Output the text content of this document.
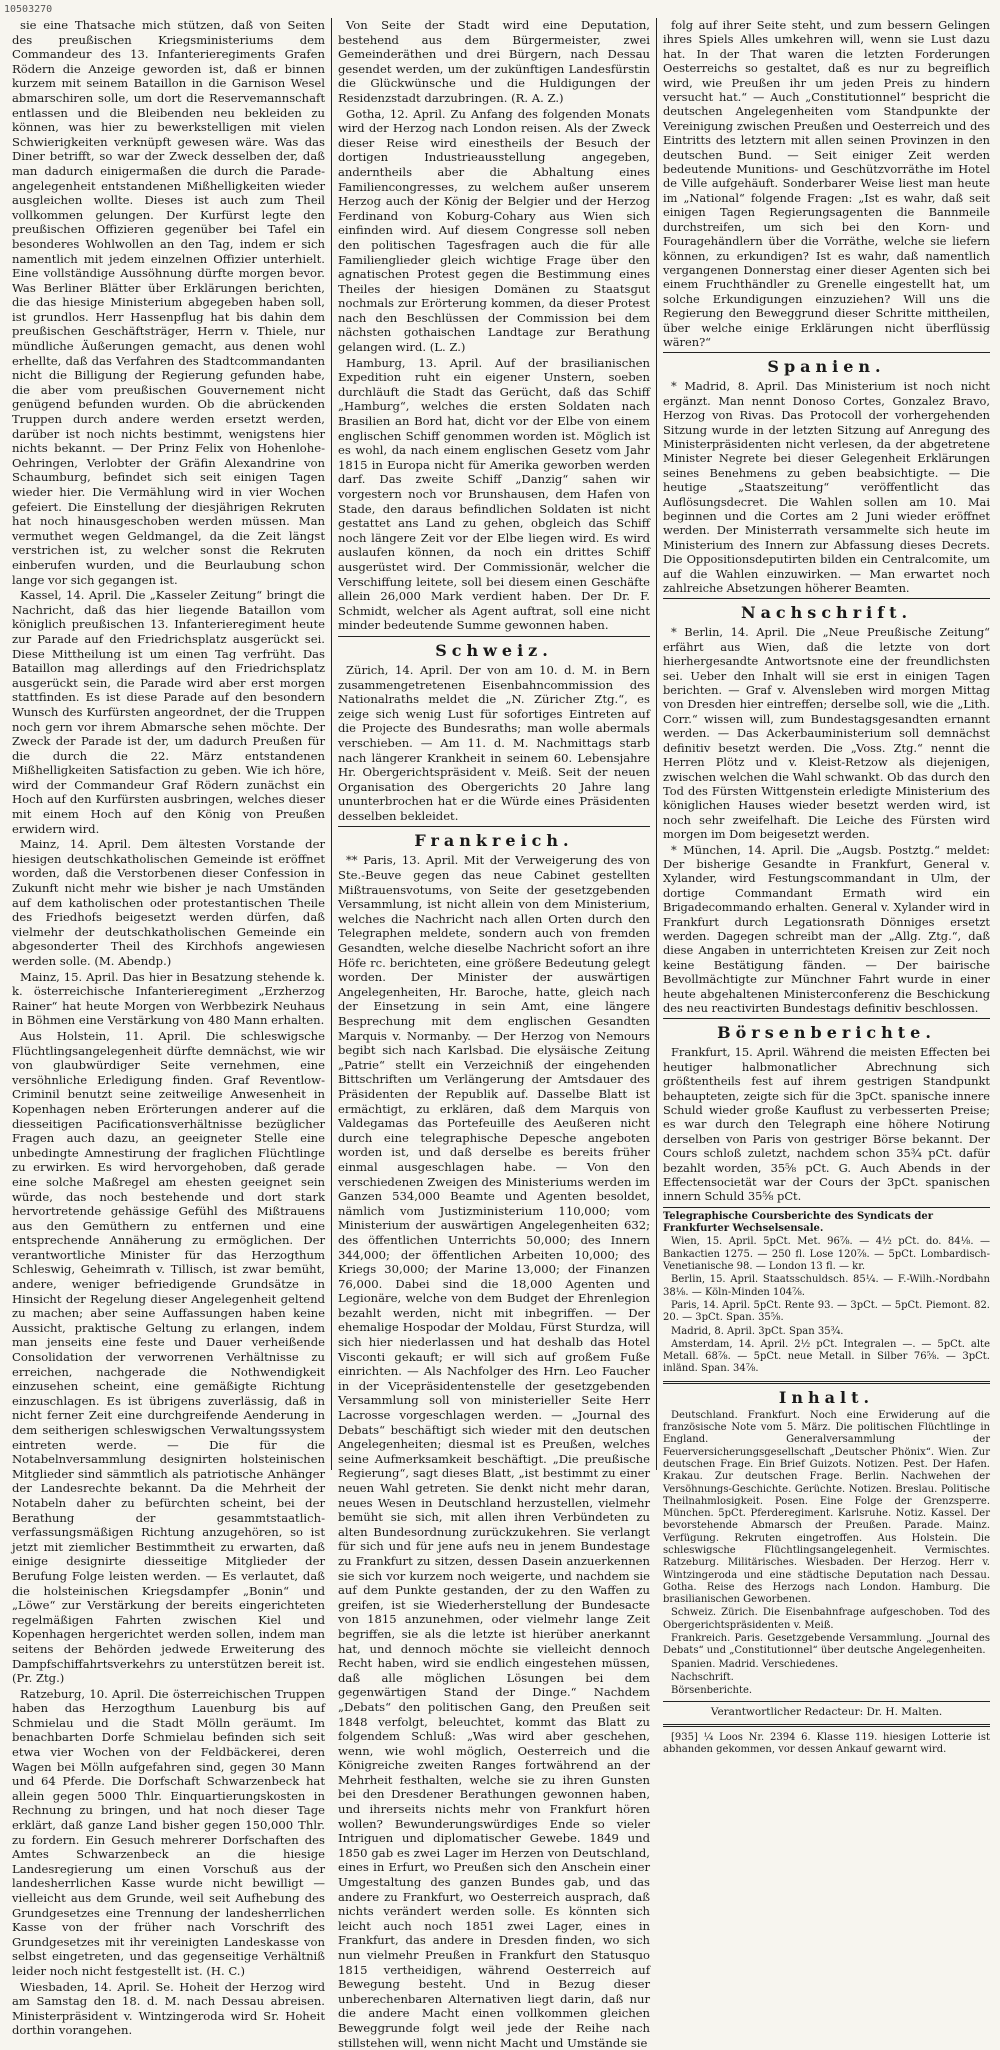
10503270

sie eine Thatsache mich stützen, daß von Seiten des preußischen Kriegsministeriums dem Commandeur des 13. Infanterieregiments Grafen Rödern die Anzeige geworden ist, daß er binnen kurzem mit seinem Bataillon in die Garnison Wesel abmarschiren solle, um dort die Reservemannschaft entlassen und die Bleibenden neu bekleiden zu können, was hier zu bewerkstelligen mit vielen Schwierigkeiten verknüpft gewesen wäre. Was das Diner betrifft, so war der Zweck desselben der, daß man dadurch einigermaßen die durch die Parade-angelegenheit entstandenen Mißhelligkeiten wieder ausgleichen wollte. Dieses ist auch zum Theil vollkommen gelungen. Der Kurfürst legte den preußischen Offizieren gegenüber bei Tafel ein besonderes Wohlwollen an den Tag, indem er sich namentlich mit jedem einzelnen Offizier unterhielt. Eine vollständige Aussöhnung dürfte morgen bevor. Was Berliner Blätter über Erklärungen berichten, die das hiesige Ministerium abgegeben haben soll, ist grundlos. Herr Hassenpflug hat bis dahin dem preußischen Geschäftsträger, Herrn v. Thiele, nur mündliche Äußerungen gemacht, aus denen wohl erhellte, daß das Verfahren des Stadtcommandanten nicht die Billigung der Regierung gefunden habe, die aber vom preußischen Gouvernement nicht genügend befunden wurden. Ob die abrückenden Truppen durch andere werden ersetzt werden, darüber ist noch nichts bestimmt, wenigstens hier nichts bekannt. — Der Prinz Felix von Hohenlohe-Oehringen, Verlobter der Gräfin Alexandrine von Schaumburg, befindet sich seit einigen Tagen wieder hier. Die Vermählung wird in vier Wochen gefeiert. Die Einstellung der diesjährigen Rekruten hat noch hinausgeschoben werden müssen. Man vermuthet wegen Geldmangel, da die Zeit längst verstrichen ist, zu welcher sonst die Rekruten einberufen wurden, und die Beurlaubung schon lange vor sich gegangen ist.

Kassel, 14. April. Die „Kasseler Zeitung“ bringt die Nachricht, daß das hier liegende Bataillon vom königlich preußischen 13. Infanterieregiment heute zur Parade auf den Friedrichsplatz ausgerückt sei. Diese Mittheilung ist um einen Tag verfrüht. Das Bataillon mag allerdings auf den Friedrichsplatz ausgerückt sein, die Parade wird aber erst morgen stattfinden. Es ist diese Parade auf den besondern Wunsch des Kurfürsten angeordnet, der die Truppen noch gern vor ihrem Abmarsche sehen möchte. Der Zweck der Parade ist der, um dadurch Preußen für die durch die 22. März entstandenen Mißhelligkeiten Satisfaction zu geben. Wie ich höre, wird der Commandeur Graf Rödern zunächst ein Hoch auf den Kurfürsten ausbringen, welches dieser mit einem Hoch auf den König von Preußen erwidern wird.

Mainz, 14. April. Dem ältesten Vorstande der hiesigen deutschkatholischen Gemeinde ist eröffnet worden, daß die Verstorbenen dieser Confession in Zukunft nicht mehr wie bisher je nach Umständen auf dem katholischen oder protestantischen Theile des Friedhofs beigesetzt werden dürfen, daß vielmehr der deutschkatholischen Gemeinde ein abgesonderter Theil des Kirchhofs angewiesen werden solle. (M. Abendp.)

Mainz, 15. April. Das hier in Besatzung stehende k. k. österreichische Infanterieregiment „Erzherzog Rainer“ hat heute Morgen von Werbbezirk Neuhaus in Böhmen eine Verstärkung von 480 Mann erhalten.

Aus Holstein, 11. April. Die schleswigsche Flüchtlingsangelegenheit dürfte demnächst, wie wir von glaubwürdiger Seite vernehmen, eine versöhnliche Erledigung finden. Graf Reventlow-Criminil benutzt seine zeitweilige Anwesenheit in Kopenhagen neben Erörterungen anderer auf die diesseitigen Pacificationsverhältnisse bezüglicher Fragen auch dazu, an geeigneter Stelle eine unbedingte Amnestirung der fraglichen Flüchtlinge zu erwirken. Es wird hervorgehoben, daß gerade eine solche Maßregel am ehesten geeignet sein würde, das noch bestehende und dort stark hervortretende gehässige Gefühl des Mißtrauens aus den Gemüthern zu entfernen und eine entsprechende Annäherung zu ermöglichen. Der verantwortliche Minister für das Herzogthum Schleswig, Geheimrath v. Tillisch, ist zwar bemüht, andere, weniger befriedigende Grundsätze in Hinsicht der Regelung dieser Angelegenheit geltend zu machen; aber seine Auffassungen haben keine Aussicht, praktische Geltung zu erlangen, indem man jenseits eine feste und Dauer verheißende Consolidation der verworrenen Verhältnisse zu erreichen, nachgerade die Nothwendigkeit einzusehen scheint, eine gemäßigte Richtung einzuschlagen. Es ist übrigens zuverlässig, daß in nicht ferner Zeit eine durchgreifende Aenderung in dem seitherigen schleswigschen Verwaltungssystem eintreten werde. — Die für die Notabelnversammlung designirten holsteinischen Mitglieder sind sämmtlich als patriotische Anhänger der Landesrechte bekannt. Da die Mehrheit der Notabeln daher zu befürchten scheint, bei der Berathung der gesammtstaatlich-verfassungsmäßigen Richtung anzugehören, so ist jetzt mit ziemlicher Bestimmtheit zu erwarten, daß einige designirte diesseitige Mitglieder der Berufung Folge leisten werden. — Es verlautet, daß die holsteinischen Kriegsdampfer „Bonin“ und „Löwe“ zur Verstärkung der bereits eingerichteten regelmäßigen Fahrten zwischen Kiel und Kopenhagen hergerichtet werden sollen, indem man seitens der Behörden jedwede Erweiterung des Dampfschiffahrtsverkehrs zu unterstützen bereit ist. (Pr. Ztg.)

Ratzeburg, 10. April. Die österreichischen Truppen haben das Herzogthum Lauenburg bis auf Schmielau und die Stadt Mölln geräumt. Im benachbarten Dorfe Schmielau befinden sich seit etwa vier Wochen von der Feldbäckerei, deren Wagen bei Mölln aufgefahren sind, gegen 30 Mann und 64 Pferde. Die Dorfschaft Schwarzenbeck hat allein gegen 5000 Thlr. Einquartierungskosten in Rechnung zu bringen, und hat noch dieser Tage erklärt, daß ganze Land bisher gegen 150,000 Thlr. zu fordern. Ein Gesuch mehrerer Dorfschaften des Amtes Schwarzenbeck an die hiesige Landesregierung um einen Vorschuß aus der landesherrlichen Kasse wurde nicht bewilligt — vielleicht aus dem Grunde, weil seit Aufhebung des Grundgesetzes eine Trennung der landesherrlichen Kasse von der früher nach Vorschrift des Grundgesetzes mit ihr vereinigten Landeskasse von selbst eingetreten, und das gegenseitige Verhältniß leider noch nicht festgestellt ist. (H. C.)

Wiesbaden, 14. April. Se. Hoheit der Herzog wird am Samstag den 18. d. M. nach Dessau abreisen. Ministerpräsident v. Wintzingeroda wird Sr. Hoheit dorthin vorangehen.

Von Seite der Stadt wird eine Deputation, bestehend aus dem Bürgermeister, zwei Gemeinderäthen und drei Bürgern, nach Dessau gesendet werden, um der zukünftigen Landesfürstin die Glückwünsche und die Huldigungen der Residenzstadt darzubringen. (R. A. Z.)

Gotha, 12. April. Zu Anfang des folgenden Monats wird der Herzog nach London reisen. Als der Zweck dieser Reise wird einestheils der Besuch der dortigen Industrieausstellung angegeben, anderntheils aber die Abhaltung eines Familiencongresses, zu welchem außer unserem Herzog auch der König der Belgier und der Herzog Ferdinand von Koburg-Cohary aus Wien sich einfinden wird. Auf diesem Congresse soll neben den politischen Tagesfragen auch die für alle Familienglieder gleich wichtige Frage über den agnatischen Protest gegen die Bestimmung eines Theiles der hiesigen Domänen zu Staatsgut nochmals zur Erörterung kommen, da dieser Protest nach den Beschlüssen der Commission bei dem nächsten gothaischen Landtage zur Berathung gelangen wird. (L. Z.)

Hamburg, 13. April. Auf der brasilianischen Expedition ruht ein eigener Unstern, soeben durchläuft die Stadt das Gerücht, daß das Schiff „Hamburg“, welches die ersten Soldaten nach Brasilien an Bord hat, dicht vor der Elbe von einem englischen Schiff genommen worden ist. Möglich ist es wohl, da nach einem englischen Gesetz vom Jahr 1815 in Europa nicht für Amerika geworben werden darf. Das zweite Schiff „Danzig“ sahen wir vorgestern noch vor Brunshausen, dem Hafen von Stade, den daraus befindlichen Soldaten ist nicht gestattet ans Land zu gehen, obgleich das Schiff noch längere Zeit vor der Elbe liegen wird. Es wird auslaufen können, da noch ein drittes Schiff ausgerüstet wird. Der Commissionär, welcher die Verschiffung leitete, soll bei diesem einen Geschäfte allein 26,000 Mark verdient haben. Der Dr. F. Schmidt, welcher als Agent auftrat, soll eine nicht minder bedeutende Summe gewonnen haben.

Schweiz.

Zürich, 14. April. Der von am 10. d. M. in Bern zusammengetretenen Eisenbahncommission des Nationalraths meldet die „N. Züricher Ztg.“, es zeige sich wenig Lust für sofortiges Eintreten auf die Projecte des Bundesraths; man wolle abermals verschieben. — Am 11. d. M. Nachmittags starb nach längerer Krankheit in seinem 60. Lebensjahre Hr. Obergerichtspräsident v. Meiß. Seit der neuen Organisation des Obergerichts 20 Jahre lang ununterbrochen hat er die Würde eines Präsidenten desselben bekleidet.

Frankreich.

** Paris, 13. April. Mit der Verweigerung des von Ste.-Beuve gegen das neue Cabinet gestellten Mißtrauensvotums, von Seite der gesetzgebenden Versammlung, ist nicht allein von dem Ministerium, welches die Nachricht nach allen Orten durch den Telegraphen meldete, sondern auch von fremden Gesandten, welche dieselbe Nachricht sofort an ihre Höfe rc. berichteten, eine größere Bedeutung gelegt worden. Der Minister der auswärtigen Angelegenheiten, Hr. Baroche, hatte, gleich nach der Einsetzung in sein Amt, eine längere Besprechung mit dem englischen Gesandten Marquis v. Normanby. — Der Herzog von Nemours begibt sich nach Karlsbad. Die elysäische Zeitung „Patrie“ stellt ein Verzeichniß der eingehenden Bittschriften um Verlängerung der Amtsdauer des Präsidenten der Republik auf. Dasselbe Blatt ist ermächtigt, zu erklären, daß dem Marquis von Valdegamas das Portefeuille des Aeußeren nicht durch eine telegraphische Depesche angeboten worden ist, und daß derselbe es bereits früher einmal ausgeschlagen habe. — Von den verschiedenen Zweigen des Ministeriums werden im Ganzen 534,000 Beamte und Agenten besoldet, nämlich vom Justizministerium 110,000; vom Ministerium der auswärtigen Angelegenheiten 632; des öffentlichen Unterrichts 50,000; des Innern 344,000; der öffentlichen Arbeiten 10,000; des Kriegs 30,000; der Marine 13,000; der Finanzen 76,000. Dabei sind die 18,000 Agenten und Legionäre, welche von dem Budget der Ehrenlegion bezahlt werden, nicht mit inbegriffen. — Der ehemalige Hospodar der Moldau, Fürst Sturdza, will sich hier niederlassen und hat deshalb das Hotel Visconti gekauft; er will sich auf großem Fuße einrichten. — Als Nachfolger des Hrn. Leo Faucher in der Vicepräsidentenstelle der gesetzgebenden Versammlung soll von ministerieller Seite Herr Lacrosse vorgeschlagen werden. — „Journal des Debats“ beschäftigt sich wieder mit den deutschen Angelegenheiten; diesmal ist es Preußen, welches seine Aufmerksamkeit beschäftigt. „Die preußische Regierung“, sagt dieses Blatt, „ist bestimmt zu einer neuen Wahl getreten. Sie denkt nicht mehr daran, neues Wesen in Deutschland herzustellen, vielmehr bemüht sie sich, mit allen ihren Verbündeten zu alten Bundesordnung zurückzukehren. Sie verlangt für sich und für jene aufs neu in jenem Bundestage zu Frankfurt zu sitzen, dessen Dasein anzuerkennen sie sich vor kurzem noch weigerte, und nachdem sie auf dem Punkte gestanden, der zu den Waffen zu greifen, ist sie Wiederherstellung der Bundesacte von 1815 anzunehmen, oder vielmehr lange Zeit begriffen, sie als die letzte ist hierüber anerkannt hat, und dennoch möchte sie vielleicht dennoch Recht haben, wird sie endlich eingestehen müssen, daß alle möglichen Lösungen bei dem gegenwärtigen Stand der Dinge.“ Nachdem „Debats“ den politischen Gang, den Preußen seit 1848 verfolgt, beleuchtet, kommt das Blatt zu folgendem Schluß: „Was wird aber geschehen, wenn, wie wohl möglich, Oesterreich und die Königreiche zweiten Ranges fortwährend an der Mehrheit festhalten, welche sie zu ihren Gunsten bei den Dresdener Berathungen gewonnen haben, und ihrerseits nichts mehr von Frankfurt hören wollen? Bewunderungswürdiges Ende so vieler Intriguen und diplomatischer Gewebe. 1849 und 1850 gab es zwei Lager im Herzen von Deutschland, eines in Erfurt, wo Preußen sich den Anschein einer Umgestaltung des ganzen Bundes gab, und das andere zu Frankfurt, wo Oesterreich ausprach, daß nichts verändert werden solle. Es könnten sich leicht auch noch 1851 zwei Lager, eines in Frankfurt, das andere in Dresden finden, wo sich nun vielmehr Preußen in Frankfurt den Statusquo 1815 vertheidigen, während Oesterreich auf Bewegung besteht. Und in Bezug dieser unberechenbaren Alternativen liegt darin, daß nur die andere Macht einen vollkommen gleichen Beweggrunde folgt weil jede der Reihe nach stillstehen will, wenn nicht Macht und Umstände sie

folg auf ihrer Seite steht, und zum bessern Gelingen ihres Spiels Alles umkehren will, wenn sie Lust dazu hat. In der That waren die letzten Forderungen Oesterreichs so gestaltet, daß es nur zu begreiflich wird, wie Preußen ihr um jeden Preis zu hindern versucht hat.“ — Auch „Constitutionnel“ bespricht die deutschen Angelegenheiten vom Standpunkte der Vereinigung zwischen Preußen und Oesterreich und des Eintritts des letztern mit allen seinen Provinzen in den deutschen Bund. — Seit einiger Zeit werden bedeutende Munitions- und Geschützvorräthe im Hotel de Ville aufgehäuft. Sonderbarer Weise liest man heute im „National“ folgende Fragen: „Ist es wahr, daß seit einigen Tagen Regierungsagenten die Bannmeile durchstreifen, um sich bei den Korn- und Fouragehändlern über die Vorräthe, welche sie liefern können, zu erkundigen? Ist es wahr, daß namentlich vergangenen Donnerstag einer dieser Agenten sich bei einem Fruchthändler zu Grenelle eingestellt hat, um solche Erkundigungen einzuziehen? Will uns die Regierung den Beweggrund dieser Schritte mittheilen, über welche einige Erklärungen nicht überflüssig wären?“

Spanien.

* Madrid, 8. April. Das Ministerium ist noch nicht ergänzt. Man nennt Donoso Cortes, Gonzalez Bravo, Herzog von Rivas. Das Protocoll der vorhergehenden Sitzung wurde in der letzten Sitzung auf Anregung des Ministerpräsidenten nicht verlesen, da der abgetretene Minister Negrete bei dieser Gelegenheit Erklärungen seines Benehmens zu geben beabsichtigte. — Die heutige „Staatszeitung“ veröffentlicht das Auflösungsdecret. Die Wahlen sollen am 10. Mai beginnen und die Cortes am 2 Juni wieder eröffnet werden. Der Ministerrath versammelte sich heute im Ministerium des Innern zur Abfassung dieses Decrets. Die Oppositionsdeputirten bilden ein Centralcomite, um auf die Wahlen einzuwirken. — Man erwartet noch zahlreiche Absetzungen höherer Beamten.

Nachschrift.

* Berlin, 14. April. Die „Neue Preußische Zeitung“ erfährt aus Wien, daß die letzte von dort hierhergesandte Antwortsnote eine der freundlichsten sei. Ueber den Inhalt will sie erst in einigen Tagen berichten. — Graf v. Alvensleben wird morgen Mittag von Dresden hier eintreffen; derselbe soll, wie die „Lith. Corr.“ wissen will, zum Bundestagsgesandten ernannt werden. — Das Ackerbauministerium soll demnächst definitiv besetzt werden. Die „Voss. Ztg.“ nennt die Herren Plötz und v. Kleist-Retzow als diejenigen, zwischen welchen die Wahl schwankt. Ob das durch den Tod des Fürsten Wittgenstein erledigte Ministerium des königlichen Hauses wieder besetzt werden wird, ist noch sehr zweifelhaft. Die Leiche des Fürsten wird morgen im Dom beigesetzt werden.

* München, 14. April. Die „Augsb. Postztg.“ meldet: Der bisherige Gesandte in Frankfurt, General v. Xylander, wird Festungscommandant in Ulm, der dortige Commandant Ermath wird ein Brigadecommando erhalten. General v. Xylander wird in Frankfurt durch Legationsrath Dönniges ersetzt werden. Dagegen schreibt man der „Allg. Ztg.“, daß diese Angaben in unterrichteten Kreisen zur Zeit noch keine Bestätigung fänden. — Der bairische Bevollmächtigte zur Münchner Fahrt wurde in einer heute abgehaltenen Ministerconferenz die Beschickung des neu reactivirten Bundestags definitiv beschlossen.

Börsenberichte.

Frankfurt, 15. April. Während die meisten Effecten bei heutiger halbmonatlicher Abrechnung sich größtentheils fest auf ihrem gestrigen Standpunkt behaupteten, zeigte sich für die 3pCt. spanische innere Schuld wieder große Kauflust zu verbesserten Preise; es war durch den Telegraph eine höhere Notirung derselben von Paris von gestriger Börse bekannt. Der Cours schloß zuletzt, nachdem schon 35¾ pCt. dafür bezahlt worden, 35⅝ pCt. G. Auch Abends in der Effectensocietät war der Cours der 3pCt. spanischen innern Schuld 35⅝ pCt.

Telegraphische Coursberichte des Syndicats der Frankfurter Wechselsensale.

Wien, 15. April. 5pCt. Met. 96⅞. — 4½ pCt. do. 84⅛. — Bankactien 1275. — 250 fl. Lose 120⅞. — 5pCt. Lombardisch-Venetianische 98. — London 13 fl. — kr.

Berlin, 15. April. Staatsschuldsch. 85¼. — F.-Wilh.-Nordbahn 38⅛. — Köln-Minden 104⅞.

Paris, 14. April. 5pCt. Rente 93. — 3pCt. — 5pCt. Piemont. 82. 20. — 3pCt. Span. 35⅝.

Madrid, 8. April. 3pCt. Span 35¾.

Amsterdam, 14. April. 2½ pCt. Integralen —. — 5pCt. alte Metall. 68⅞. — 5pCt. neue Metall. in Silber 76⅝. — 3pCt. inländ. Span. 34⅞.

Inhalt.

Deutschland. Frankfurt. Noch eine Erwiderung auf die französische Note vom 5. März. Die politischen Flüchtlinge in England. Generalversammlung der Feuerversicherungsgesellschaft „Deutscher Phönix“. Wien. Zur deutschen Frage. Ein Brief Guizots. Notizen. Pest. Der Hafen. Krakau. Zur deutschen Frage. Berlin. Nachwehen der Versöhnungs-Geschichte. Gerüchte. Notizen. Breslau. Politische Theilnahmlosigkeit. Posen. Eine Folge der Grenzsperre. München. 5pCt. Pferderegiment. Karlsruhe. Notiz. Kassel. Der bevorstehende Abmarsch der Preußen. Parade. Mainz. Verfügung. Rekruten eingetroffen. Aus Holstein. Die schleswigsche Flüchtlingsangelegenheit. Vermischtes. Ratzeburg. Militärisches. Wiesbaden. Der Herzog. Herr v. Wintzingeroda und eine städtische Deputation nach Dessau. Gotha. Reise des Herzogs nach London. Hamburg. Die brasilianischen Geworbenen.

Schweiz. Zürich. Die Eisenbahnfrage aufgeschoben. Tod des Obergerichtspräsidenten v. Meiß.

Frankreich. Paris. Gesetzgebende Versammlung. „Journal des Debats“ und „Constitutionnel“ über deutsche Angelegenheiten.

Spanien. Madrid. Verschiedenes.

Nachschrift.

Börsenberichte.

Verantwortlicher Redacteur: Dr. H. Malten.

[935] ¼ Loos Nr. 2394 6. Klasse 119. hiesigen Lotterie ist abhanden gekommen, vor dessen Ankauf gewarnt wird.
